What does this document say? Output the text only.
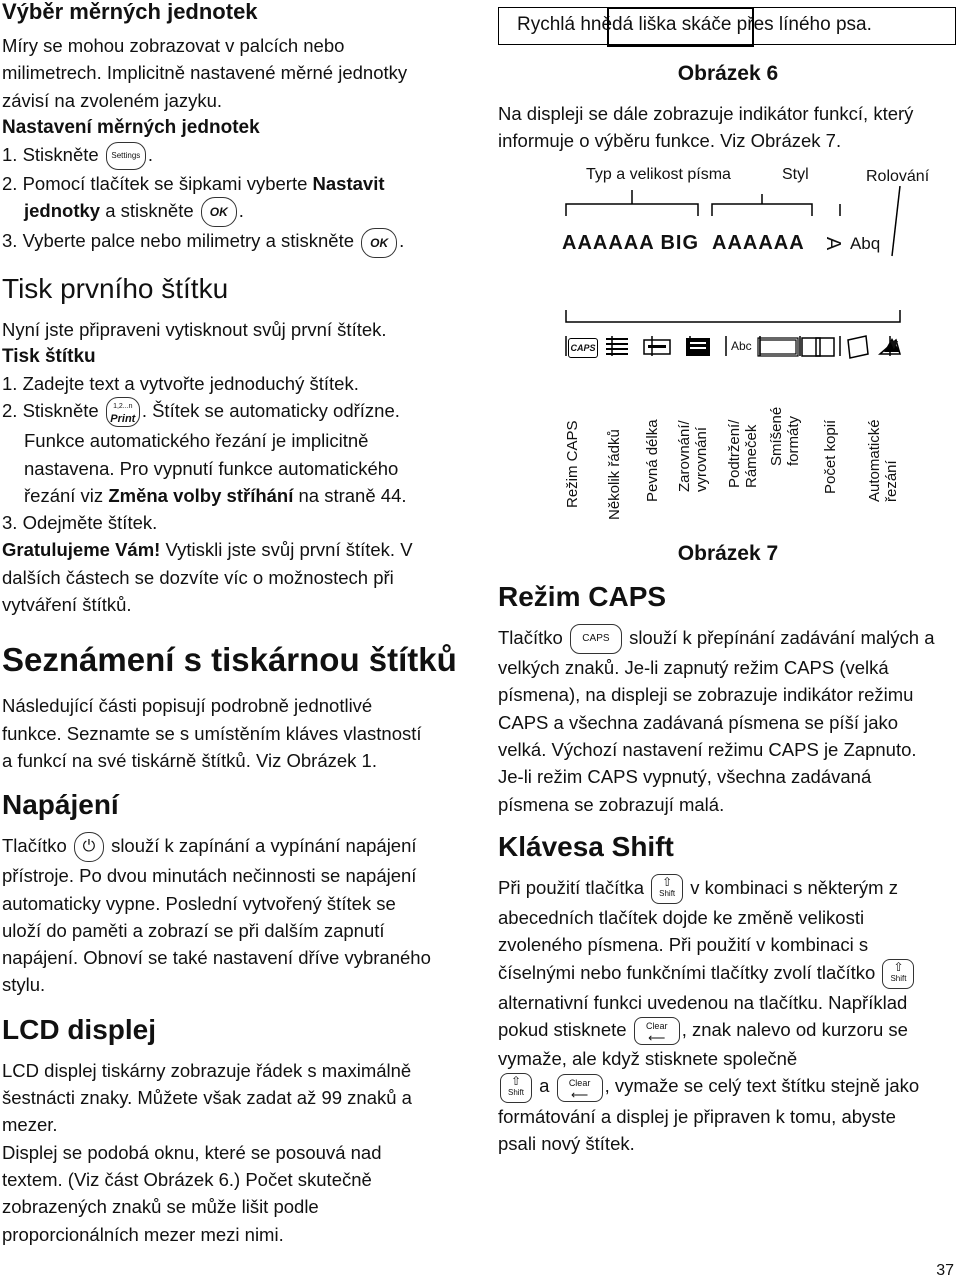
Výběr měrných jednotek

Míry se mohou zobrazovat v palcích nebo

milimetrech. Implicitně nastavené měrné jednotky

závisí na zvoleném jazyku.

Nastavení měrných jednotek

1. Stiskněte Settings .

2. Pomocí tlačítek se šipkami vyberte Nastavit

jednotky a stiskněte OK .

3. Vyberte palce nebo milimetry a stiskněte OK .

Tisk prvního štítku

Nyní jste připraveni vytisknout svůj první štítek.

Tisk štítku

1. Zadejte text a vytvořte jednoduchý štítek.

2. Stiskněte	1,2...n
Print . Štítek se automaticky odřízne.

Funkce automatického řezání je implicitně

nastavena. Pro vypnutí funkce automatického

řezání viz Změna volby stříhání na straně 44.

3. Odejměte štítek.

Gratulujeme Vám! Vytiskli jste svůj první štítek. V

dalších částech se dozvíte víc o možnostech při

vytváření štítků.

Seznámení s tiskárnou štítků

Následující části popisují podrobně jednotlivé

funkce. Seznamte se s umístěním kláves vlastností

a funkcí na své tiskárně štítků. Viz Obrázek 1.

Napájení

Tlačítko ⏻ slouží k zapínání a vypínání napájení

přístroje. Po dvou minutách nečinnosti se napájení

automaticky vypne. Poslední vytvořený štítek se

uloží do paměti a zobrazí se při dalším zapnutí

napájení. Obnoví se také nastavení dříve vybraného

stylu.

LCD displej

LCD displej tiskárny zobrazuje řádek s maximálně

šestnácti znaky. Můžete však zadat až 99 znaků a

mezer.

Displej se podobá oknu, které se posouvá nad

textem. (Viz část Obrázek 6.) Počet skutečně

zobrazených znaků se může lišit podle

proporcionálních mezer mezi nimi.

Rychlá hnědá liška skáče přes líného psa.
Obrázek 6

Na displeji se dále zobrazuje indikátor funkcí, který

informuje o výběru funkce. Viz Obrázek 7.

Typ a velikost písma	Styl	Rolování
AAAAAA BIG AAAAAA A pdA
CAPS	Abc	▼
Režim CAPS Několik řádků Pevná délka Zarovnání/ vyrovnání Podtržení/ Rámeček Smíšené formáty Počet kopií Automatické řezání
Obrázek 7
Režim CAPS

Tlačítko CAPS slouží k přepínání zadávání malých a

velkých znaků. Je-li zapnutý režim CAPS (velká

písmena), na displeji se zobrazuje indikátor režimu

CAPS a všechna zadávaná písmena se píší jako

velká. Výchozí nastavení režimu CAPS je Zapnuto.

Je-li režim CAPS vypnutý, všechna zadávaná

písmena se zobrazují malá.

Klávesa Shift

Při použití tlačítka	⇧
Shift v kombinaci s některým z

abecedních tlačítek dojde ke změně velikosti

zvoleného písmena. Při použití v kombinaci s

číselnými nebo funkčními tlačítky zvolí tlačítko	⇧
Shift

alternativní funkci uvedenou na tlačítku. Například

pokud stisknete	Clear
⟵ , znak nalevo od kurzoru se

vymaže, ale když stisknete společně

⇧
Shift a	Clear
⟵ , vymaže se celý text štítku stejně jako

formátování a displej je připraven k tomu, abyste

psali nový štítek.

37
